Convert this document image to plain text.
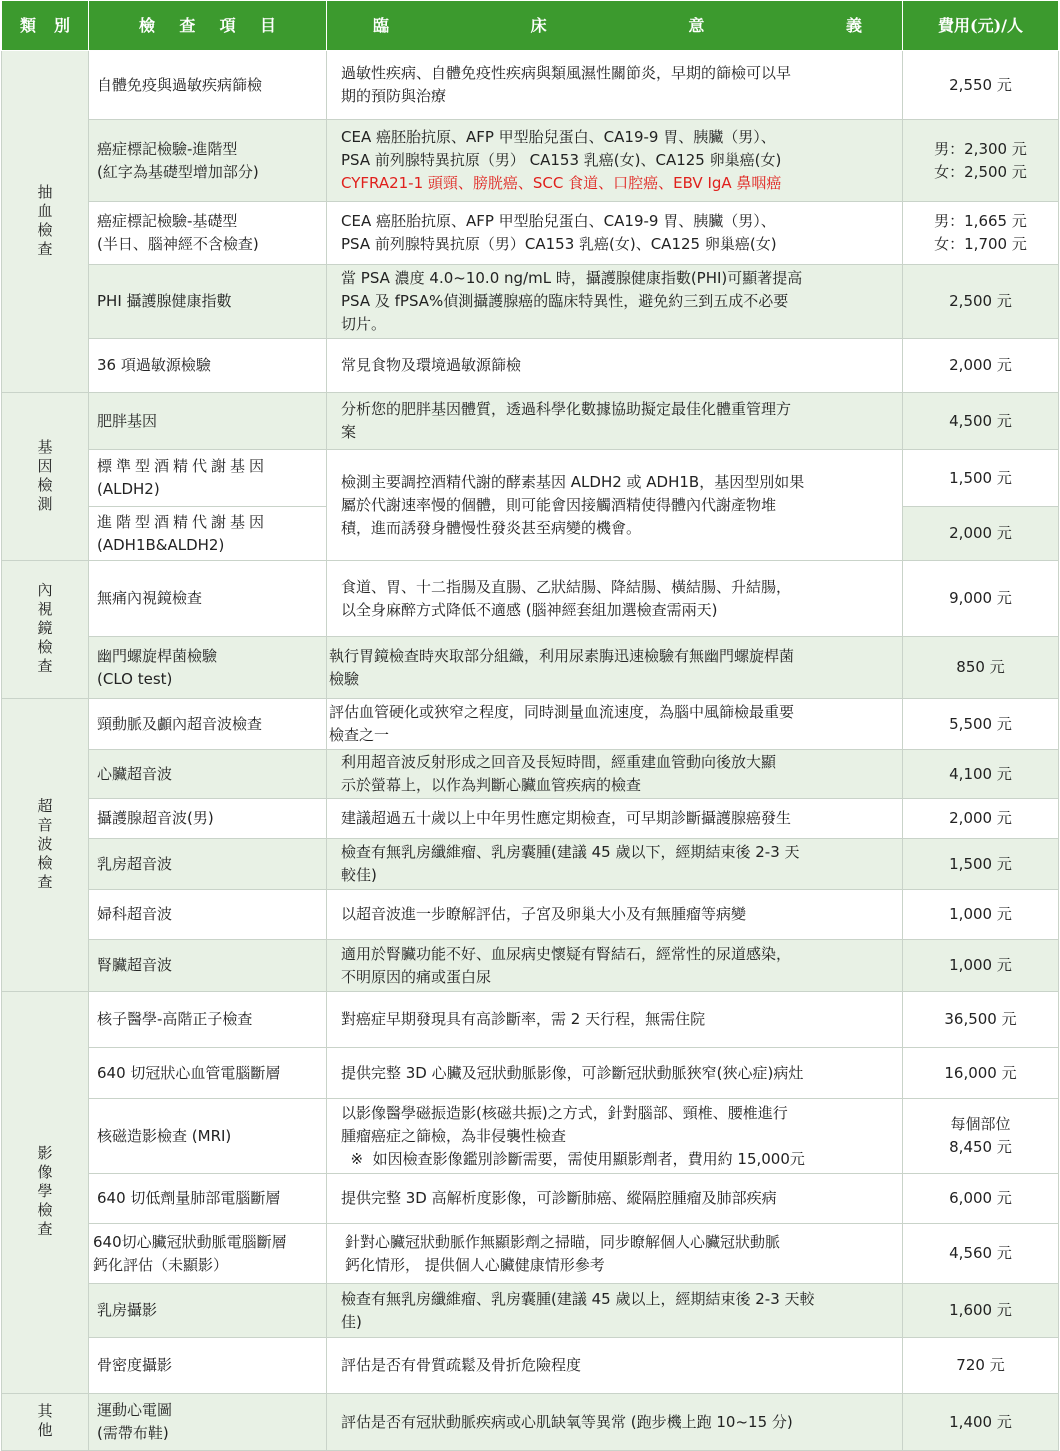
類別	檢查項目	臨床意義	費用(元)/人
抽血檢查	自體免疫與過敏疾病篩檢	過敏性疾病、自體免疫性疾病與類風濕性關節炎，早期的篩檢可以早
期的預防與治療	2,550 元

	癌症標記檢驗-進階型
(紅字為基礎型增加部分)	CEA 癌胚胎抗原、AFP 甲型胎兒蛋白、CA19-9 胃、胰臟（男）、
PSA 前列腺特異抗原（男） CA153 乳癌(女)、CA125 卵巢癌(女)
CYFRA21-1 頭頸、膀胱癌、SCC 食道、口腔癌、EBV IgA 鼻咽癌	男：2,300 元
女：2,500 元

	癌症標記檢驗-基礎型
(半日、腦神經不含檢查)	CEA 癌胚胎抗原、AFP 甲型胎兒蛋白、CA19-9 胃、胰臟（男）、
PSA 前列腺特異抗原（男）CA153 乳癌(女)、CA125 卵巢癌(女)	男：1,665 元
女：1,700 元

	PHI 攝護腺健康指數	當 PSA 濃度 4.0~10.0 ng/mL 時，攝護腺健康指數(PHI)可顯著提高
PSA 及 fPSA%偵測攝護腺癌的臨床特異性，避免約三到五成不必要
切片。	2,500 元

	36 項過敏源檢驗	常見食物及環境過敏源篩檢	2,000 元

基因檢測	肥胖基因	分析您的肥胖基因體質，透過科學化數據協助擬定最佳化體重管理方
案	4,500 元

	標準型酒精代謝基因
(ALDH2)	檢測主要調控酒精代謝的酵素基因 ALDH2 或 ADH1B，基因型別如果
屬於代謝速率慢的個體，則可能會因接觸酒精使得體內代謝產物堆
積，進而誘發身體慢性發炎甚至病變的機會。	1,500 元

	進階型酒精代謝基因
(ADH1B&ALDH2)		2,000 元

內視鏡檢查	無痛內視鏡檢查	食道、胃、十二指腸及直腸、乙狀結腸、降結腸、橫結腸、升結腸，
以全身麻醉方式降低不適感 (腦神經套組加選檢查需兩天)	9,000 元

	幽門螺旋桿菌檢驗
(CLO test)	執行胃鏡檢查時夾取部分組織，利用尿素脢迅速檢驗有無幽門螺旋桿菌
檢驗	850 元

超音波檢查	頸動脈及顱內超音波檢查	評估血管硬化或狹窄之程度，同時測量血流速度，為腦中風篩檢最重要
檢查之一	5,500 元

	心臟超音波	利用超音波反射形成之回音及長短時間，經重建血管動向後放大顯
示於螢幕上，以作為判斷心臟血管疾病的檢查	4,100 元

	攝護腺超音波(男)	建議超過五十歲以上中年男性應定期檢查，可早期診斷攝護腺癌發生	2,000 元

	乳房超音波	檢查有無乳房纖維瘤、乳房囊腫(建議 45 歲以下，經期結束後 2-3 天
較佳)	1,500 元

	婦科超音波	以超音波進一步瞭解評估，子宮及卵巢大小及有無腫瘤等病變	1,000 元

	腎臟超音波	適用於腎臟功能不好、血尿病史懷疑有腎結石，經常性的尿道感染，
不明原因的痛或蛋白尿	1,000 元

影像學檢查	核子醫學-高階正子檢查	對癌症早期發現具有高診斷率，需 2 天行程，無需住院	36,500 元

	640 切冠狀心血管電腦斷層	提供完整 3D 心臟及冠狀動脈影像，可診斷冠狀動脈狹窄(狹心症)病灶	16,000 元

	核磁造影檢查 (MRI)	以影像醫學磁振造影(核磁共振)之方式，針對腦部、頸椎、腰椎進行
腫瘤癌症之篩檢，為非侵襲性檢查
※  如因檢查影像鑑別診斷需要，需使用顯影劑者，費用約 15,000元	每個部位
8,450 元

	640 切低劑量肺部電腦斷層	提供完整 3D 高解析度影像，可診斷肺癌、縱隔腔腫瘤及肺部疾病	6,000 元

	640切心臟冠狀動脈電腦斷層
鈣化評估（未顯影）	針對心臟冠狀動脈作無顯影劑之掃瞄，同步瞭解個人心臟冠狀動脈
鈣化情形， 提供個人心臟健康情形參考	4,560 元

	乳房攝影	檢查有無乳房纖維瘤、乳房囊腫(建議 45 歲以上，經期結束後 2-3 天較
佳)	1,600 元

	骨密度攝影	評估是否有骨質疏鬆及骨折危險程度	720 元

其他	運動心電圖
(需帶布鞋)	評估是否有冠狀動脈疾病或心肌缺氧等異常 (跑步機上跑 10~15 分)	1,400 元
